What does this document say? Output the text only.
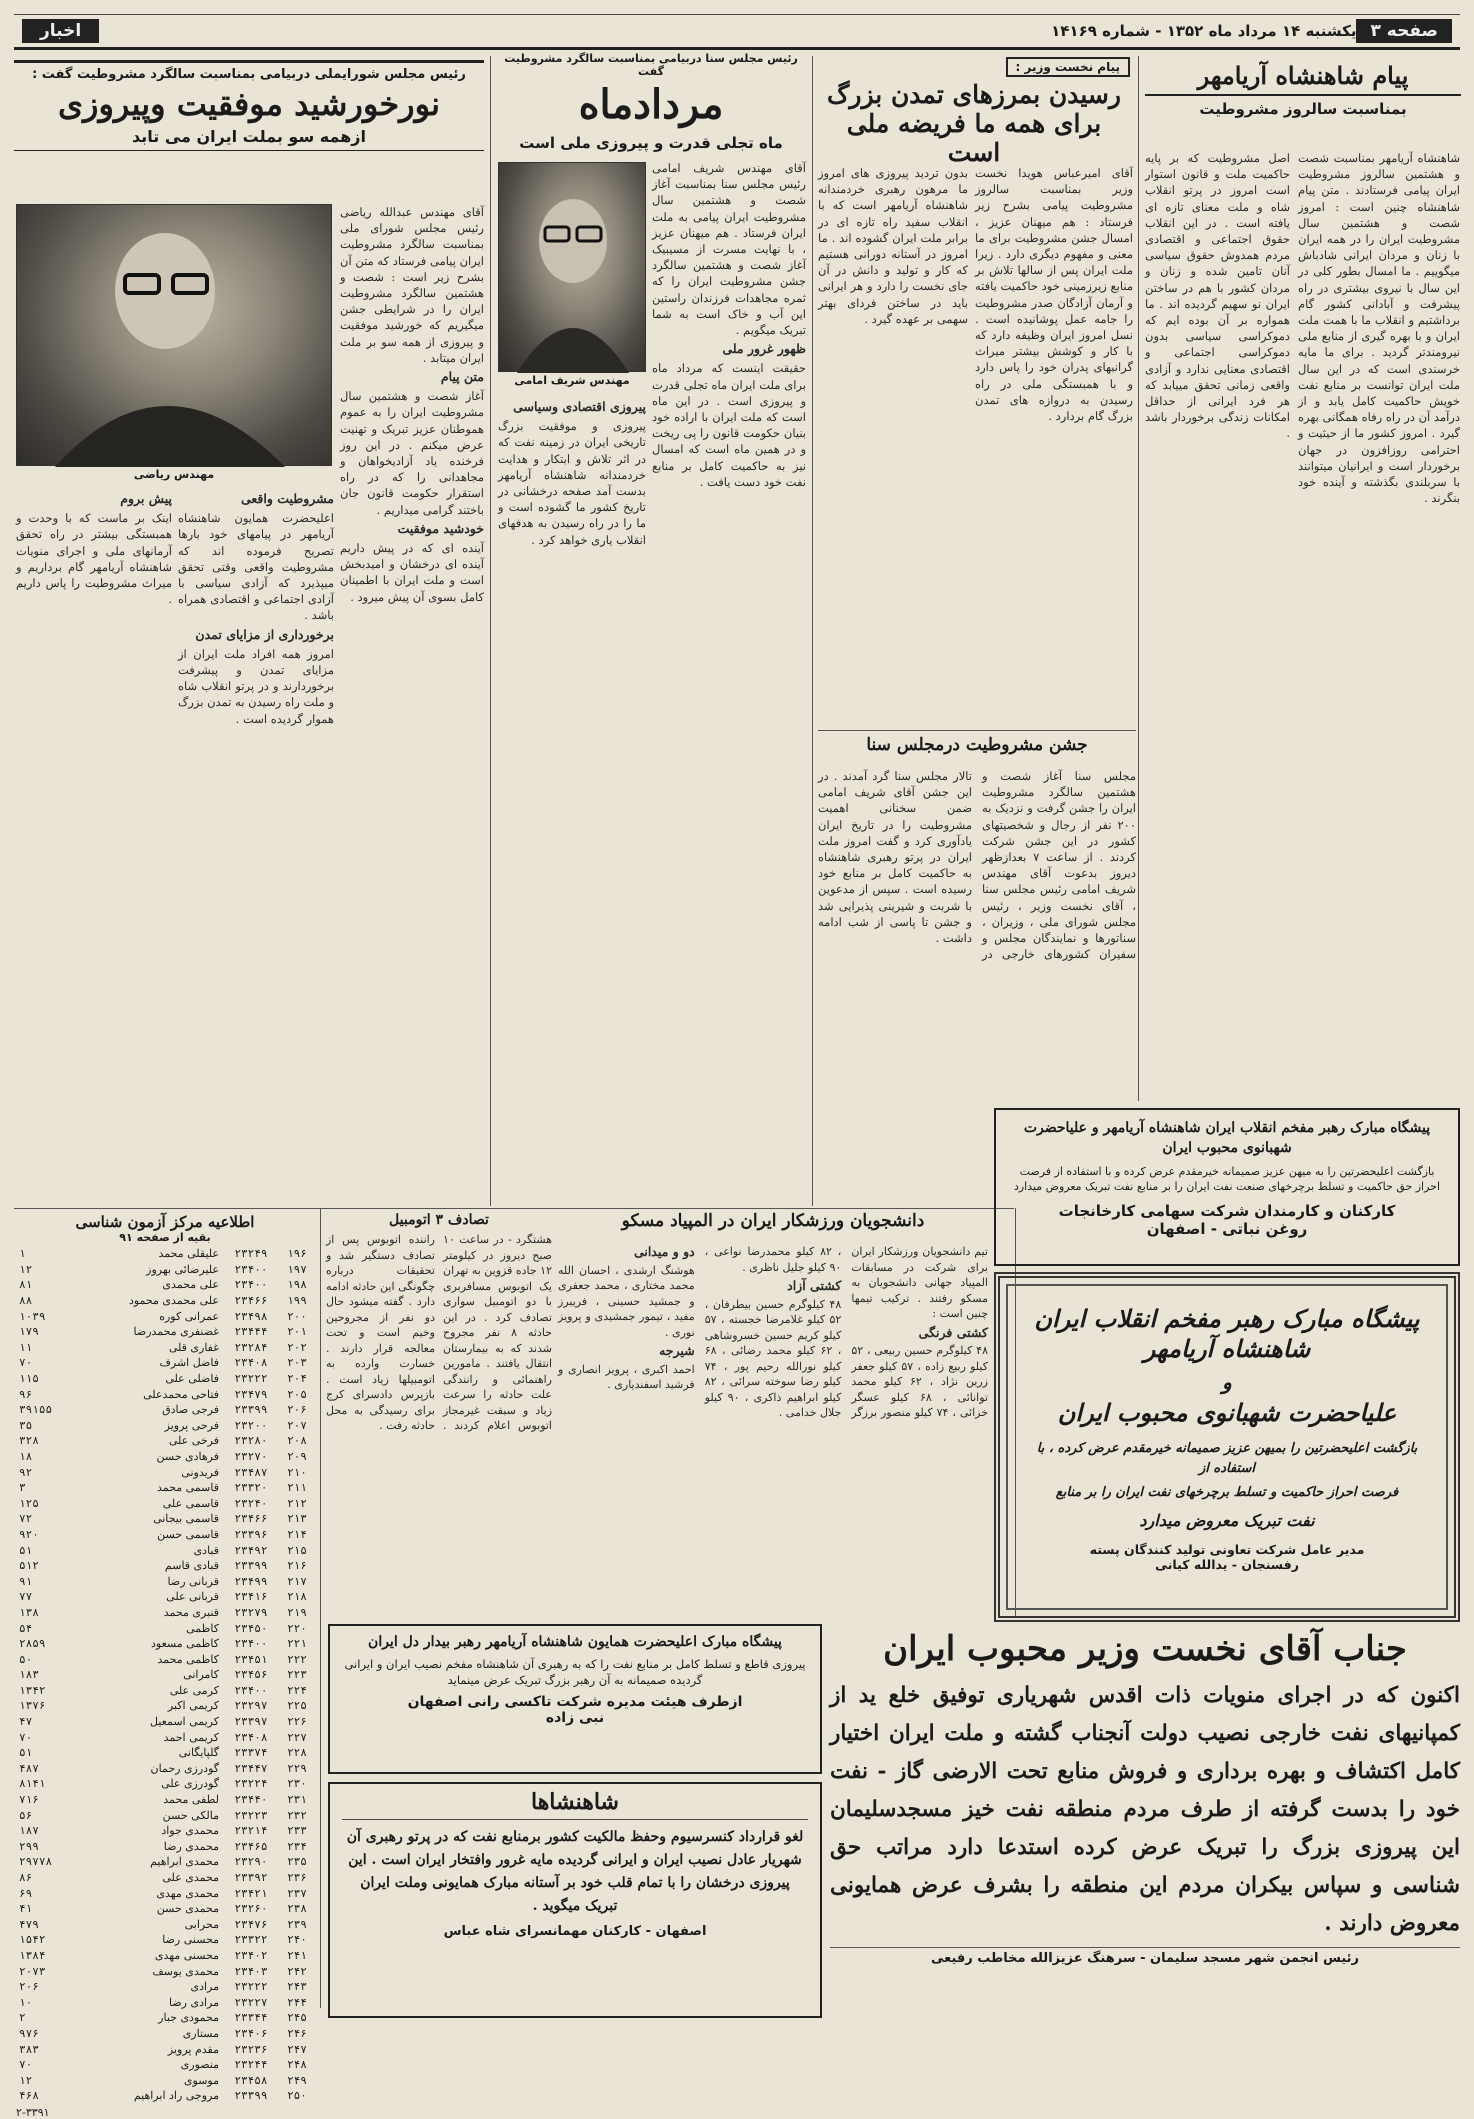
صفحه ۳
یکشنبه ۱۴ مرداد ماه ۱۳۵۲ - شماره ۱۴۱۶۹
اخبار
پیام شاهنشاه آریامهر
بمناسبت سالروز مشروطیت

شاهنشاه آریامهر بمناسبت شصت و هشتمین سالروز مشروطیت ایران پیامی فرستادند . متن پیام شاهنشاه چنین است : امروز شصت و هشتمین سال مشروطیت ایران را در همه ایران با زنان و مردان ایرانی شادباش میگوییم . ما امسال بطور کلی در این سال با نیروی بیشتری در راه پیشرفت و آبادانی کشور گام برداشتیم و انقلاب ما با همت ملت ایران و با بهره گیری از منابع ملی نیرومندتر گردید . برای ما مایه خرسندی است که در این سال ملت ایران توانست بر منابع نفت خویش حاکمیت کامل یابد و از درآمد آن در راه رفاه همگانی بهره گیرد . امروز کشور ما از حیثیت و احترامی روزافزون در جهان برخوردار است و ایرانیان میتوانند با سربلندی بگذشته و آینده خود بنگرند .

اصل مشروطیت که بر پایه حاکمیت ملت و قانون استوار است امروز در پرتو انقلاب شاه و ملت معنای تازه ای یافته است . در این انقلاب حقوق اجتماعی و اقتصادی مردم همدوش حقوق سیاسی آنان تامین شده و زنان و مردان کشور با هم در ساختن ایران نو سهیم گردیده اند . ما همواره بر آن بوده ایم که دموکراسی سیاسی بدون دموکراسی اجتماعی و اقتصادی معنایی ندارد و آزادی واقعی زمانی تحقق مییابد که هر فرد ایرانی از حداقل امکانات زندگی برخوردار باشد .

پیام نخست وزیر :
رسیدن بمرزهای تمدن بزرگ برای همه ما فریضه ملی است

آقای امیرعباس هویدا نخست وزیر بمناسبت سالروز مشروطیت پیامی بشرح زیر فرستاد : هم میهنان عزیز ، امسال جشن مشروطیت برای ما معنی و مفهوم دیگری دارد . زیرا ملت ایران پس از سالها تلاش بر منابع زیرزمینی خود حاکمیت یافته و آرمان آزادگان صدر مشروطیت را جامه عمل پوشانیده است . نسل امروز ایران وظیفه دارد که با کار و کوشش بیشتر میراث گرانبهای پدران خود را پاس دارد و با همبستگی ملی در راه رسیدن به دروازه های تمدن بزرگ گام بردارد .

بدون تردید پیروزی های امروز ما مرهون رهبری خردمندانه شاهنشاه آریامهر است که با انقلاب سفید راه تازه ای در برابر ملت ایران گشوده اند . ما امروز در آستانه دورانی هستیم که کار و تولید و دانش در آن جای نخست را دارد و هر ایرانی باید در ساختن فردای بهتر سهمی بر عهده گیرد .

جشن مشروطیت درمجلس سنا

مجلس سنا آغاز شصت و هشتمین سالگرد مشروطیت ایران را جشن گرفت و نزدیک به ۲۰۰ نفر از رجال و شخصیتهای کشور در این جشن شرکت کردند . از ساعت ۷ بعدازظهر دیروز بدعوت آقای مهندس شریف امامی رئیس مجلس سنا ، آقای نخست وزیر ، رئیس مجلس شورای ملی ، وزیران ، سناتورها و نمایندگان مجلس و سفیران کشورهای خارجی در تالار مجلس سنا گرد آمدند . در این جشن آقای شریف امامی ضمن سخنانی اهمیت مشروطیت را در تاریخ ایران یادآوری کرد و گفت امروز ملت ایران در پرتو رهبری شاهنشاه به حاکمیت کامل بر منابع خود رسیده است . سپس از مدعوین با شربت و شیرینی پذیرایی شد و جشن تا پاسی از شب ادامه داشت .

رئیس مجلس سنا دربیامی بمناسبت سالگرد مشروطیت گفت
مردادماه
ماه تجلی قدرت و پیروزی ملی است
مهندس شریف امامی

آقای مهندس شریف امامی رئیس مجلس سنا بمناسبت آغاز شصت و هشتمین سال مشروطیت ایران پیامی به ملت ایران فرستاد . هم میهنان عزیز ، با نهایت مسرت از مسیبیک آغاز شصت و هشتمین سالگرد جشن مشروطیت ایران را که ثمره مجاهدات فرزندان راستین این آب و خاک است به شما تبریک میگویم .

ظهور غرور ملی

حقیقت اینست که مرداد ماه برای ملت ایران ماه تجلی قدرت و پیروزی است . در این ماه است که ملت ایران با اراده خود بنیان حکومت قانون را پی ریخت و در همین ماه است که امسال نیز به حاکمیت کامل بر منابع نفت خود دست یافت .

پیروزی اقتصادی وسیاسی

پیروزی و موفقیت بزرگ تاریخی ایران در زمینه نفت که در اثر تلاش و ابتکار و هدایت خردمندانه شاهنشاه آریامهر بدست آمد صفحه درخشانی در تاریخ کشور ما گشوده است و ما را در راه رسیدن به هدفهای انقلاب یاری خواهد کرد .

رئیس مجلس شورایملی دربیامی بمناسبت سالگرد مشروطیت گفت :
نورخورشید موفقیت وپیروزی
ازهمه سو بملت ایران می تابد
مهندس ریاضی

آقای مهندس عبدالله ریاضی رئیس مجلس شورای ملی بمناسبت سالگرد مشروطیت ایران پیامی فرستاد که متن آن بشرح زیر است : شصت و هشتمین سالگرد مشروطیت ایران را در شرایطی جشن میگیریم که خورشید موفقیت و پیروزی از همه سو بر ملت ایران میتابد .

متن پیام

آغاز شصت و هشتمین سال مشروطیت ایران را به عموم هموطنان عزیز تبریک و تهنیت عرض میکنم . در این روز فرخنده یاد آزادیخواهان و مجاهدانی را که در راه استقرار حکومت قانون جان باختند گرامی میداریم .

خودشید موفقیت

آینده ای که در پیش داریم آینده ای درخشان و امیدبخش است و ملت ایران با اطمینان کامل بسوی آن پیش میرود .

مشروطیت واقعی

اعلیحضرت همایون شاهنشاه آریامهر در پیامهای خود بارها تصریح فرموده اند که مشروطیت واقعی وقتی تحقق میپذیرد که آزادی سیاسی با آزادی اجتماعی و اقتصادی همراه باشد .

برخورداری از مزایای تمدن

امروز همه افراد ملت ایران از مزایای تمدن و پیشرفت برخوردارند و در پرتو انقلاب شاه و ملت راه رسیدن به تمدن بزرگ هموار گردیده است .

پیش بروم

اینک بر ماست که با وحدت و همبستگی بیشتر در راه تحقق آرمانهای ملی و اجرای منویات شاهنشاه آریامهر گام برداریم و میراث مشروطیت را پاس داریم .

پیشگاه مبارک رهبر مفخم انقلاب ایران شاهنشاه آریامهر و علیاحضرت شهبانوی محبوب ایران
بازگشت اعلیحضرتین را به میهن عزیز صمیمانه خیرمقدم عرض کرده و با استفاده از فرصت احراز حق حاکمیت و تسلط برچرخهای صنعت نفت ایران را بر منابع نفت تبریک معروض میدارد
کارکنان و کارمندان شرکت سهامی کارخانجات
روغن نباتی - اصفهان
پیشگاه مبارک رهبر مفخم انقلاب ایران شاهنشاه آریامهر
و
علیاحضرت شهبانوی محبوب ایران
بازگشت اعلیحضرتین را بمیهن عزیز صمیمانه خیرمقدم عرض کرده ، با استفاده از
فرصت احراز حاکمیت و تسلط برچرخهای نفت ایران را بر منابع
نفت تبریک معروض میدارد
مدیر عامل شرکت تعاونی تولید کنندگان پسته
رفسنجان - یدالله کیانی
جناب آقای نخست وزیر محبوب ایران
اکنون که در اجرای منویات ذات اقدس شهریاری توفیق خلع ید از کمپانیهای نفت خارجی نصیب دولت آنجناب گشته و ملت ایران اختیار کامل اکتشاف و بهره برداری و فروش منابع تحت الارضی گاز - نفت خود را بدست گرفته از طرف مردم منطقه نفت خیز مسجدسلیمان این پیروزی بزرگ را تبریک عرض کرده استدعا دارد مراتب حق شناسی و سپاس بیکران مردم این منطقه را بشرف عرض همایونی معروض دارند .
رئیس انجمن شهر مسجد سلیمان - سرهنگ عزیزالله مخاطب رفیعی
دانشجویان ورزشکار ایران در المپیاد مسکو

تیم دانشجویان ورزشکار ایران برای شرکت در مسابقات المپیاد جهانی دانشجویان به مسکو رفتند . ترکیب تیمها چنین است :

کشتی فرنگی

۴۸ کیلوگرم حسین ربیعی ، ۵۲ کیلو ربیع زاده ، ۵۷ کیلو جعفر زرین نژاد ، ۶۲ کیلو محمد توانائی ، ۶۸ کیلو عسگر خزائی ، ۷۴ کیلو منصور برزگر ، ۸۲ کیلو محمدرضا نواعی ، ۹۰ کیلو جلیل ناظری .

کشتی آزاد

۴۸ کیلوگرم حسین بیطرفان ، ۵۲ کیلو غلامرضا خجسته ، ۵۷ کیلو کریم حسین خسروشاهی ، ۶۲ کیلو محمد رضائی ، ۶۸ کیلو نورالله رحیم پور ، ۷۴ کیلو رضا سوخته سرائی ، ۸۲ کیلو ابراهیم ذاکری ، ۹۰ کیلو جلال خدامی .

دو و میدانی

هوشنگ ارشدی ، احسان الله محمد مختاری ، محمد جعفری و جمشید حسینی ، فریبرز مفید ، تیمور جمشیدی و پرویز نوری .

شیرجه

احمد اکبری ، پرویز انصاری و فرشید اسفندیاری .

تصادف ۳ اتومبیل

هشتگرد - در ساعت ۱۰ صبح دیروز در کیلومتر ۱۲ جاده قزوین به تهران یک اتوبوس مسافربری با دو اتومبیل سواری تصادف کرد . در این حادثه ۸ نفر مجروح شدند که به بیمارستان انتقال یافتند . مامورین راهنمائی و رانندگی علت حادثه را سرعت زیاد و سبقت غیرمجاز اتوبوس اعلام کردند . راننده اتوبوس پس از تصادف دستگیر شد و تحقیقات درباره چگونگی این حادثه ادامه دارد . گفته میشود حال دو نفر از مجروحین وخیم است و تحت معالجه قرار دارند . خسارت وارده به اتومبیلها زیاد است . بازپرس دادسرای کرج برای رسیدگی به محل حادثه رفت .

پیشگاه مبارک اعلیحضرت همایون شاهنشاه آریامهر رهبر بیدار دل ایران
پیروزی قاطع و تسلط کامل بر منابع نفت را که به رهبری آن شاهنشاه مفخم نصیب ایران و ایرانی گردیده صمیمانه به آن رهبر بزرگ تبریک عرض مینماید
ازطرف هیئت مدیره شرکت تاکسی رانی اصفهان
نبی زاده
شاهنشاها
لغو قرارداد کنسرسیوم وحفظ مالکیت کشور برمنابع نفت که در پرتو رهبری آن شهریار عادل نصیب ایران و ایرانی گردیده مایه غرور وافتخار ایران است . این پیروزی درخشان را با تمام قلب خود بر آستانه مبارک همایونی وملت ایران تبریک میگوید .
اصفهان - کارکنان مهمانسرای شاه عباس
اطلاعیه مرکز آزمون شناسی
بقیه از صفحه ۹۱
۱۹۶	۲۳۲۴۹	علیقلی محمد	۱
۱۹۷	۲۳۴۰۰	علیرضائی بهروز	۱۲
۱۹۸	۲۳۴۰۰	علی محمدی	۸۱
۱۹۹	۲۳۴۶۶	علی محمدی محمود	۸۸
۲۰۰	۲۳۴۹۸	عمرانی کوره	۱۰۳۹
۲۰۱	۲۳۴۴۴	غضنفری محمدرضا	۱۷۹
۲۰۲	۲۳۲۸۴	غفاری قلی	۱۱
۲۰۳	۲۳۴۰۸	فاضل اشرف	۷۰
۲۰۴	۲۳۲۲۲	فاضلی علی	۱۱۵
۲۰۵	۲۳۴۷۹	فتاحی محمدعلی	۹۶
۲۰۶	۲۳۳۹۹	فرجی صادق	۳۹۱۵۵
۲۰۷	۲۳۲۰۰	فرحی پرویز	۳۵
۲۰۸	۲۳۲۸۰	فرخی علی	۳۲۸
۲۰۹	۲۳۲۷۰	فرهادی حسن	۱۸
۲۱۰	۲۳۴۸۷	فریدونی	۹۲
۲۱۱	۲۳۳۲۰	قاسمی محمد	۳
۲۱۲	۲۳۲۴۰	قاسمی علی	۱۲۵
۲۱۳	۲۳۴۶۶	قاسمی بیجانی	۷۲
۲۱۴	۲۳۳۹۶	قاسمی حسن	۹۲۰
۲۱۵	۲۳۴۹۲	قبادی	۵۱
۲۱۶	۲۳۳۹۹	قبادی قاسم	۵۱۲
۲۱۷	۲۳۴۹۹	قربانی رضا	۹۱
۲۱۸	۲۳۴۱۶	قربانی علی	۷۷
۲۱۹	۲۳۲۷۹	قنبری محمد	۱۳۸
۲۲۰	۲۳۴۵۰	کاظمی	۵۴
۲۲۱	۲۳۴۰۰	کاظمی مسعود	۲۸۵۹
۲۲۲	۲۳۴۵۱	کاظمی محمد	۵۰
۲۲۳	۲۳۴۵۶	کامرانی	۱۸۳
۲۲۴	۲۳۴۰۰	کرمی علی	۱۳۴۲
۲۲۵	۲۳۲۹۷	کریمی اکبر	۱۳۷۶
۲۲۶	۲۳۳۹۷	کریمی اسمعیل	۴۷
۲۲۷	۲۳۴۰۸	کریمی احمد	۷۰
۲۲۸	۲۳۳۷۴	گلپایگانی	۵۱
۲۲۹	۲۳۴۴۷	گودرزی رحمان	۴۸۷
۲۳۰	۲۳۲۲۴	گودرزی علی	۸۱۴۱
۲۳۱	۲۳۴۴۰	لطفی محمد	۷۱۶
۲۳۲	۲۳۲۲۳	مالکی حسن	۵۶
۲۳۳	۲۳۲۱۴	محمدی جواد	۱۸۷
۲۳۴	۲۳۴۶۵	محمدی رضا	۲۹۹
۲۳۵	۲۳۲۹۰	محمدی ابراهیم	۲۹۷۷۸
۲۳۶	۲۳۳۹۲	محمدی علی	۸۶
۲۳۷	۲۳۴۲۱	محمدی مهدی	۶۹
۲۳۸	۲۳۲۶۰	محمدی حسن	۴۱
۲۳۹	۲۳۴۷۶	محرابی	۴۷۹
۲۴۰	۲۳۳۲۲	محسنی رضا	۱۵۴۲
۲۴۱	۲۳۴۰۲	محسنی مهدی	۱۳۸۴
۲۴۲	۲۳۴۰۳	محمدی یوسف	۲۰۷۳
۲۴۳	۲۳۲۲۲	مرادی	۲۰۶
۲۴۴	۲۳۲۲۷	مرادی رضا	۱۰
۲۴۵	۲۳۳۴۴	محمودی جبار	۲
۲۴۶	۲۳۴۰۶	مستاری	۹۷۶
۲۴۷	۲۳۲۳۶	مقدم پرویز	۳۸۳
۲۴۸	۲۳۲۴۴	منصوری	۷۰
۲۴۹	۲۳۴۵۸	موسوی	۱۲
۲۵۰	۲۳۳۹۹	مروجی راد ابراهیم	۴۶۸
۲-۳۳۹۱
